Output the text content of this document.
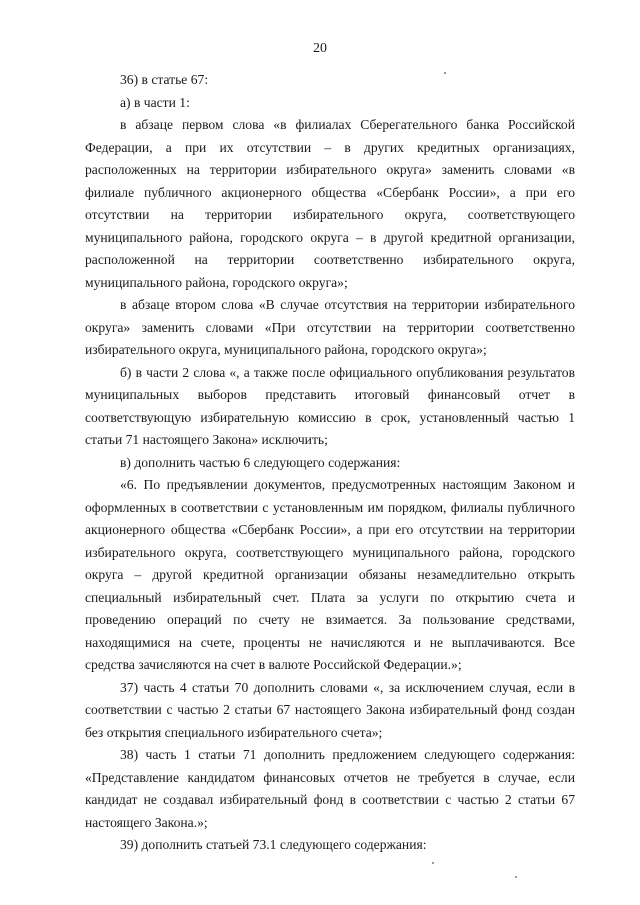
20

36) в статье 67:

а) в части 1:

в абзаце первом слова «в филиалах Сберегательного банка Российской Федерации, а при их отсутствии – в других кредитных организациях, расположенных на территории избирательного округа» заменить словами «в филиале публичного акционерного общества «Сбербанк России», а при его отсутствии на территории избирательного округа, соответствующего муниципального района, городского округа – в другой кредитной организации, расположенной на территории соответственно избирательного округа, муниципального района, городского округа»;

в абзаце втором слова «В случае отсутствия на территории избирательного округа» заменить словами «При отсутствии на территории соответственно избирательного округа, муниципального района, городского округа»;

б) в части 2 слова «, а также после официального опубликования результатов муниципальных выборов представить итоговый финансовый отчет в соответствующую избирательную комиссию в срок, установленный частью 1 статьи 71 настоящего Закона» исключить;

в) дополнить частью 6 следующего содержания:

«6. По предъявлении документов, предусмотренных настоящим Законом и оформленных в соответствии с установленным им порядком, филиалы публичного акционерного общества «Сбербанк России», а при его отсутствии на территории избирательного округа, соответствующего муниципального района, городского округа – другой кредитной организации обязаны незамедлительно открыть специальный избирательный счет. Плата за услуги по открытию счета и проведению операций по счету не взимается. За пользование средствами, находящимися на счете, проценты не начисляются и не выплачиваются. Все средства зачисляются на счет в валюте Российской Федерации.»;

37) часть 4 статьи 70 дополнить словами «, за исключением случая, если в соответствии с частью 2 статьи 67 настоящего Закона избирательный фонд создан без открытия специального избирательного счета»;

38) часть 1 статьи 71 дополнить предложением следующего содержания: «Представление кандидатом финансовых отчетов не требуется в случае, если кандидат не создавал избирательный фонд в соответствии с частью 2 статьи 67 настоящего Закона.»;

39) дополнить статьей 73.1 следующего содержания:
